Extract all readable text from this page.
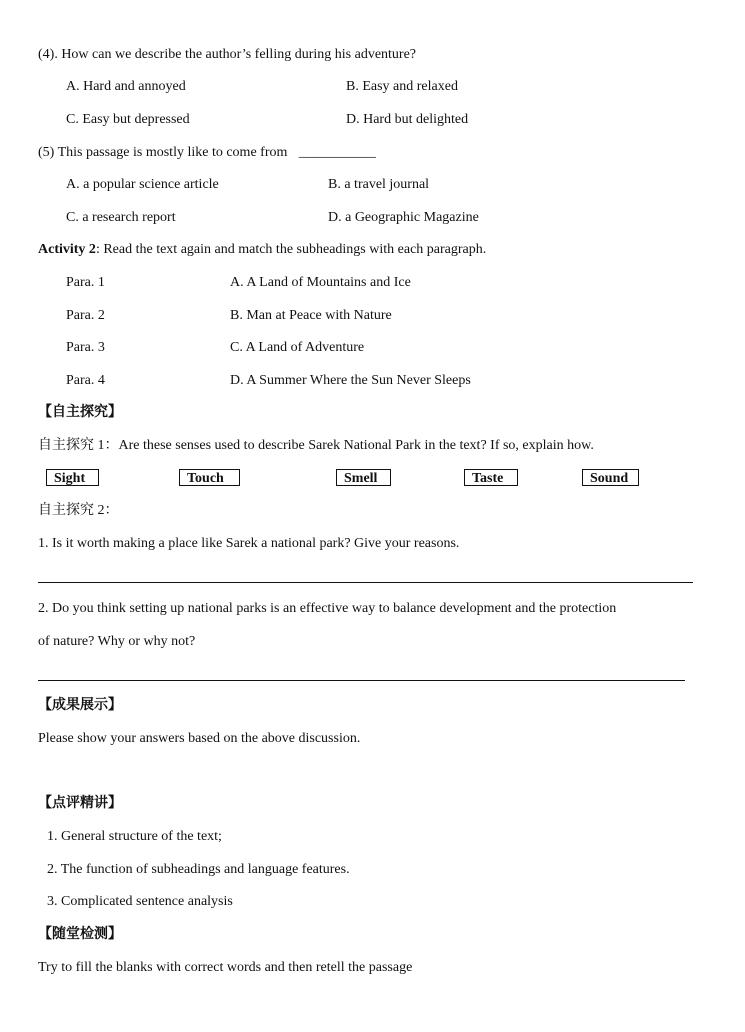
(4). How can we describe the author’s felling during his adventure?
A. Hard and annoyed	B. Easy and relaxed
C. Easy but depressed	D. Hard but delighted
(5) This passage is mostly like to come from ___________
A. a popular science article	B. a travel journal
C. a research report	D. a Geographic Magazine
Activity 2: Read the text again and match the subheadings with each paragraph.
Para. 1	A. A Land of Mountains and Ice
Para. 2	B. Man at Peace with Nature
Para. 3	C. A Land of Adventure
Para. 4	D. A Summer Where the Sun Never Sleeps
【自主探究】
自主探究 1：Are these senses used to describe Sarek National Park in the text? If so, explain how.
Sight	Touch	Smell	Taste	Sound
自主探究 2：
1. Is it worth making a place like Sarek a national park? Give your reasons.
2. Do you think setting up national parks is an effective way to balance development and the protection
of nature? Why or why not?
【成果展示】
Please show your answers based on the above discussion.
【点评精讲】
1. General structure of the text;
2. The function of subheadings and language features.
3. Complicated sentence analysis
【随堂检测】
Try to fill the blanks with correct words and then retell the passage
